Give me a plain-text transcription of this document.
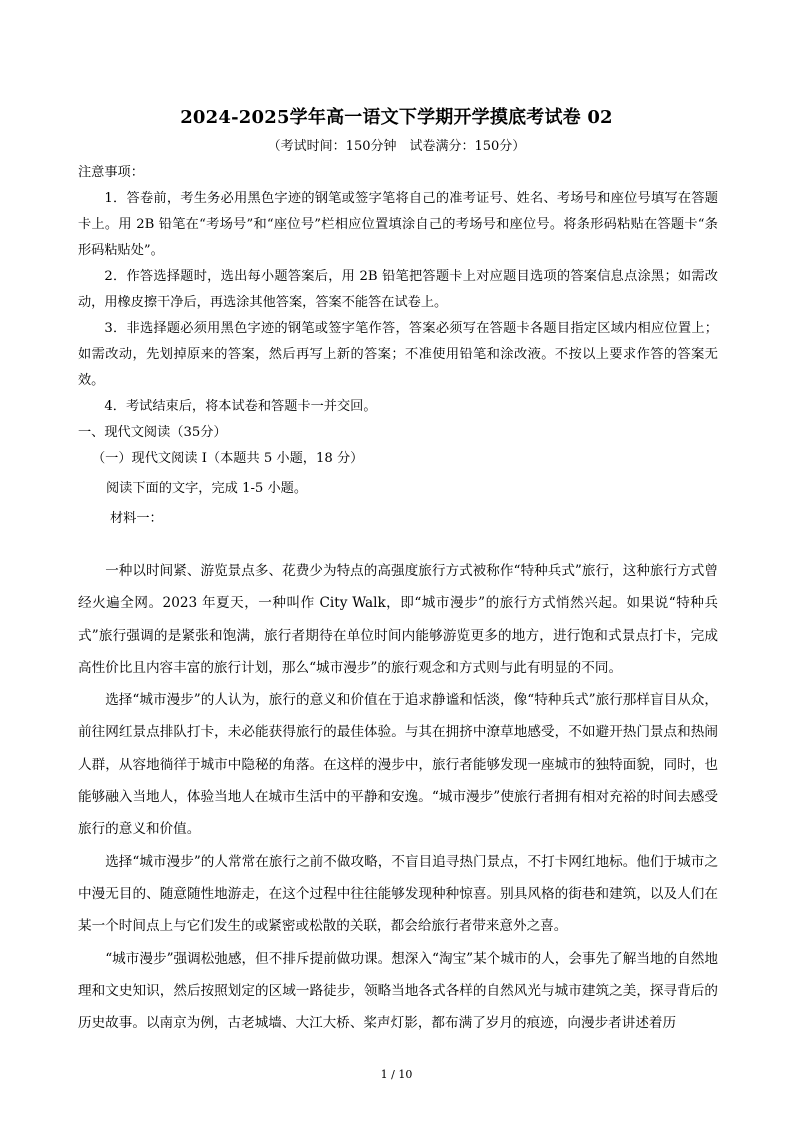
2024-2025学年高一语文下学期开学摸底考试卷 02
（考试时间：150分钟　试卷满分：150分）

注意事项：

1．答卷前，考生务必用黑色字迹的钢笔或签字笔将自己的准考证号、姓名、考场号和座位号填写在答题卡上。用 2B 铅笔在“考场号”和“座位号”栏相应位置填涂自己的考场号和座位号。将条形码粘贴在答题卡“条形码粘贴处”。

2．作答选择题时，选出每小题答案后，用 2B 铅笔把答题卡上对应题目选项的答案信息点涂黑；如需改动，用橡皮擦干净后，再选涂其他答案，答案不能答在试卷上。

3．非选择题必须用黑色字迹的钢笔或签字笔作答，答案必须写在答题卡各题目指定区域内相应位置上；如需改动，先划掉原来的答案，然后再写上新的答案；不准使用铅笔和涂改液。不按以上要求作答的答案无效。

4．考试结束后，将本试卷和答题卡一并交回。

一、现代文阅读（35分）

（一）现代文阅读 I（本题共 5 小题，18 分）

阅读下面的文字，完成 1-5 小题。

材料一：

一种以时间紧、游览景点多、花费少为特点的高强度旅行方式被称作“特种兵式”旅行，这种旅行方式曾经火遍全网。2023 年夏天，一种叫作 City Walk，即“城市漫步”的旅行方式悄然兴起。如果说“特种兵式”旅行强调的是紧张和饱满，旅行者期待在单位时间内能够游览更多的地方，进行饱和式景点打卡，完成高性价比且内容丰富的旅行计划，那么“城市漫步”的旅行观念和方式则与此有明显的不同。

选择“城市漫步”的人认为，旅行的意义和价值在于追求静谧和恬淡，像“特种兵式”旅行那样盲目从众，前往网红景点排队打卡，未必能获得旅行的最佳体验。与其在拥挤中潦草地感受，不如避开热门景点和热闹人群，从容地徜徉于城市中隐秘的角落。在这样的漫步中，旅行者能够发现一座城市的独特面貌，同时，也能够融入当地人，体验当地人在城市生活中的平静和安逸。“城市漫步”使旅行者拥有相对充裕的时间去感受旅行的意义和价值。

选择“城市漫步”的人常常在旅行之前不做攻略，不盲目追寻热门景点，不打卡网红地标。他们于城市之中漫无目的、随意随性地游走，在这个过程中往往能够发现种种惊喜。别具风格的街巷和建筑，以及人们在某一个时间点上与它们发生的或紧密或松散的关联，都会给旅行者带来意外之喜。

“城市漫步”强调松弛感，但不排斥提前做功课。想深入“淘宝”某个城市的人，会事先了解当地的自然地理和文史知识，然后按照划定的区域一路徒步，领略当地各式各样的自然风光与城市建筑之美，探寻背后的历史故事。以南京为例，古老城墙、大江大桥、桨声灯影，都布满了岁月的痕迹，向漫步者讲述着历

1 / 10
